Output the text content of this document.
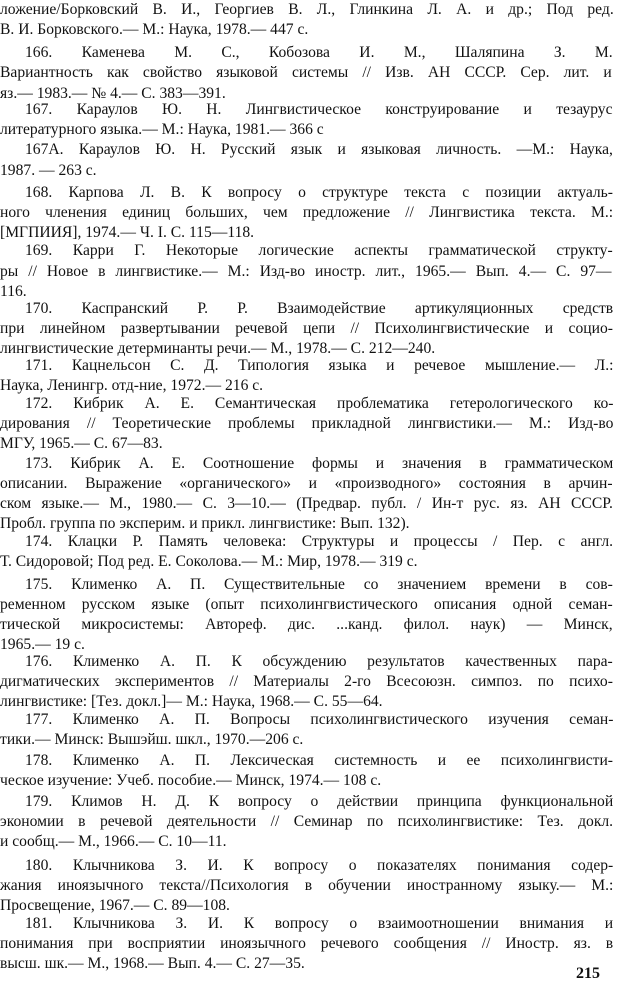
ложение/Борковский В. И., Георгиев В. Л., Глинкина Л. А. и др.; Под ред.
В. И. Борковского.— М.: Наука, 1978.— 447 с.
166. Каменева М. С., Кобозова И. М., Шаляпина З. М.
Вариантность как свойство языковой системы // Изв. АН СССР. Сер. лит. и
яз.— 1983.— № 4.— С. 383—391.
167. Караулов Ю. Н. Лингвистическое конструирование и тезаурус
литературного языка.— М.: Наука, 1981.— 366 с
167А. Караулов Ю. Н. Русский язык и языковая личность. —М.: Наука,
1987. — 263 с.
168. Карпова Л. В. К вопросу о структуре текста с позиции актуаль-
ного членения единиц больших, чем предложение // Лингвистика текста. М.:
[МГПИИЯ], 1974.— Ч. I. С. 115—118.
169. Карри Г. Некоторые логические аспекты грамматической структу-
ры // Новое в лингвистике.— М.: Изд-во иностр. лит., 1965.— Вып. 4.— С. 97—
116.
170. Каспранский Р. Р. Взаимодействие артикуляционных средств
при линейном развертывании речевой цепи // Психолингвистические и социо-
лингвистические детерминанты речи.— М., 1978.— С. 212—240.
171. Кацнельсон С. Д. Типология языка и речевое мышление.— Л.:
Наука, Ленингр. отд-ние, 1972.— 216 с.
172. Кибрик А. Е. Семантическая проблематика гетерологического ко-
дирования // Теоретические проблемы прикладной лингвистики.— М.: Изд-во
МГУ, 1965.— С. 67—83.
173. Кибрик А. Е. Соотношение формы и значения в грамматическом
описании. Выражение «органического» и «производного» состояния в арчин-
ском языке.— М., 1980.— С. 3—10.— (Предвар. публ. / Ин-т рус. яз. АН СССР.
Пробл. группа по эксперим. и прикл. лингвистике: Вып. 132).
174. Клацки Р. Память человека: Структуры и процессы / Пер. с англ.
Т. Сидоровой; Под ред. Е. Соколова.— М.: Мир, 1978.— 319 с.
175. Клименко А. П. Существительные со значением времени в сов-
ременном русском языке (опыт психолингвистического описания одной семан-
тической микросистемы: Автореф. дис. ...канд. филол. наук) — Минск,
1965.— 19 с.
176. Клименко А. П. К обсуждению результатов качественных пара-
дигматических экспериментов // Материалы 2-го Всесоюзн. симпоз. по психо-
лингвистике: [Тез. докл.]— М.: Наука, 1968.— С. 55—64.
177. Клименко А. П. Вопросы психолингвистического изучения семан-
тики.— Минск: Вышэйш. шкл., 1970.—206 с.
178. Клименко А. П. Лексическая системность и ее психолингвисти-
ческое изучение: Учеб. пособие.— Минск, 1974.— 108 с.
179. Климов Н. Д. К вопросу о действии принципа функциональной
экономии в речевой деятельности // Семинар по психолингвистике: Тез. докл.
и сообщ.— М., 1966.— С. 10—11.
180. Клычникова З. И. К вопросу о показателях понимания содер-
жания иноязычного текста//Психология в обучении иностранному языку.— М.:
Просвещение, 1967.— С. 89—108.
181. Клычникова З. И. К вопросу о взаимоотношении внимания и
понимания при восприятии иноязычного речевого сообщения // Иностр. яз. в
высш. шк.— М., 1968.— Вып. 4.— С. 27—35.
215
